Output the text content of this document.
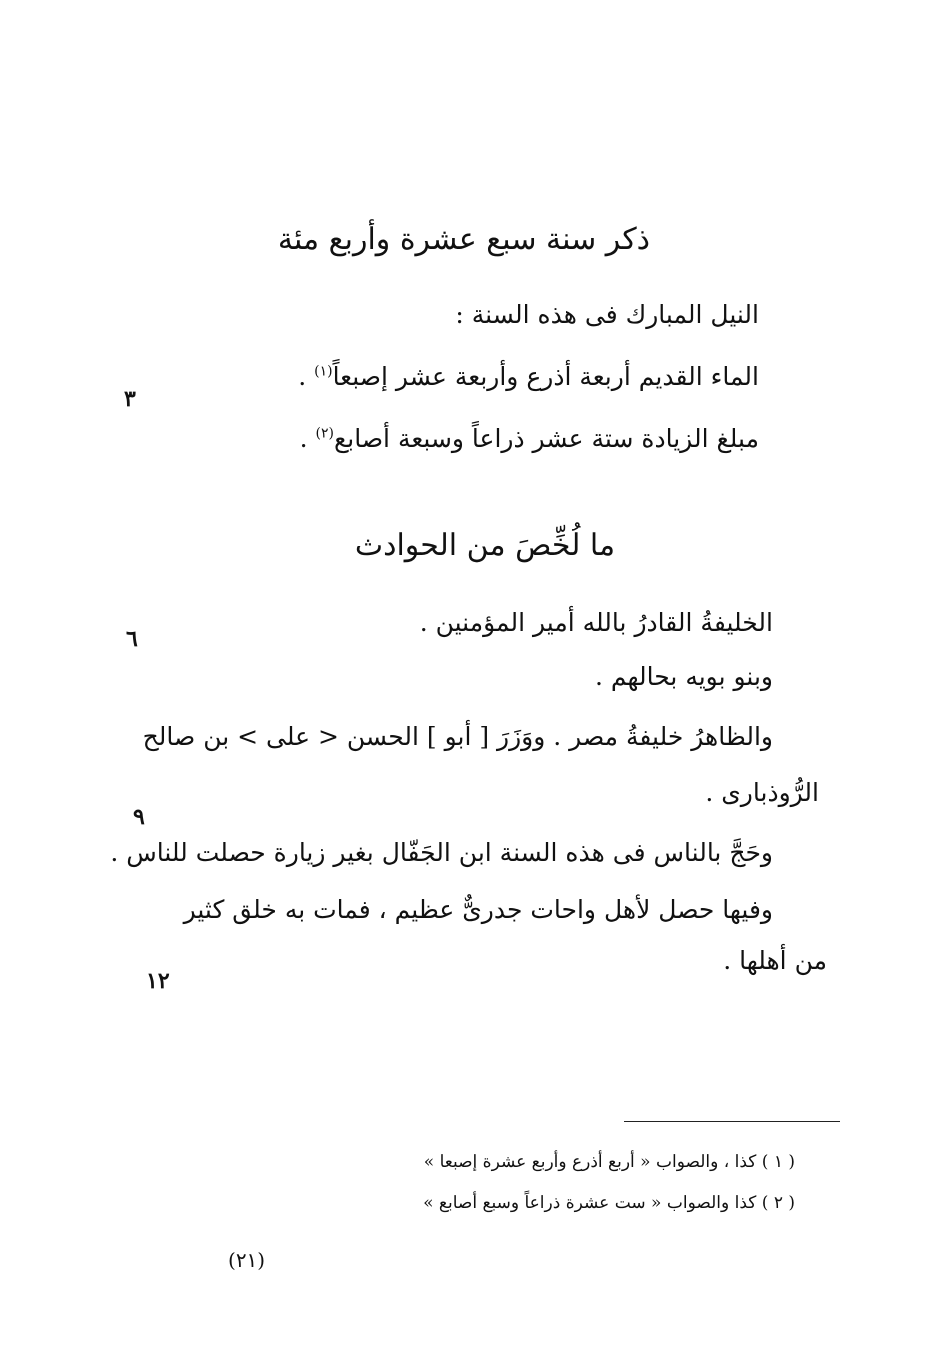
ذكر سنة سبع عشرة وأربع مئة
النيل المبارك فى هذه السنة :
الماء القديم أربعة أذرع وأربعة عشر إصبعاً$^{(١)}$ .
مبلغ الزيادة ستة عشر ذراعاً وسبعة أصابع$^{(٢)}$ .
ما لُخِّصَ من الحوادث
الخليفةُ القادرُ بالله أمير المؤمنين .
وبنو بويه بحالهم .
والظاهرُ خليفةُ مصر . ووَزَرَ [ أبو ] الحسن < على > بن صالح
الرُّوذبارى .
وحَجَّ بالناس فى هذه السنة ابن الجَفّال بغير زيارة حصلت للناس .
وفيها حصل لأهل واحات جدرىٌّ عظيم ، فمات به خلق كثير
من أهلها .
٣
٦
٩
١٢
( ١ ) كذا ، والصواب « أربع أذرع وأربع عشرة إصبعا »
( ٢ ) كذا والصواب « ست عشرة ذراعاً وسبع أصابع »
(٢١)
